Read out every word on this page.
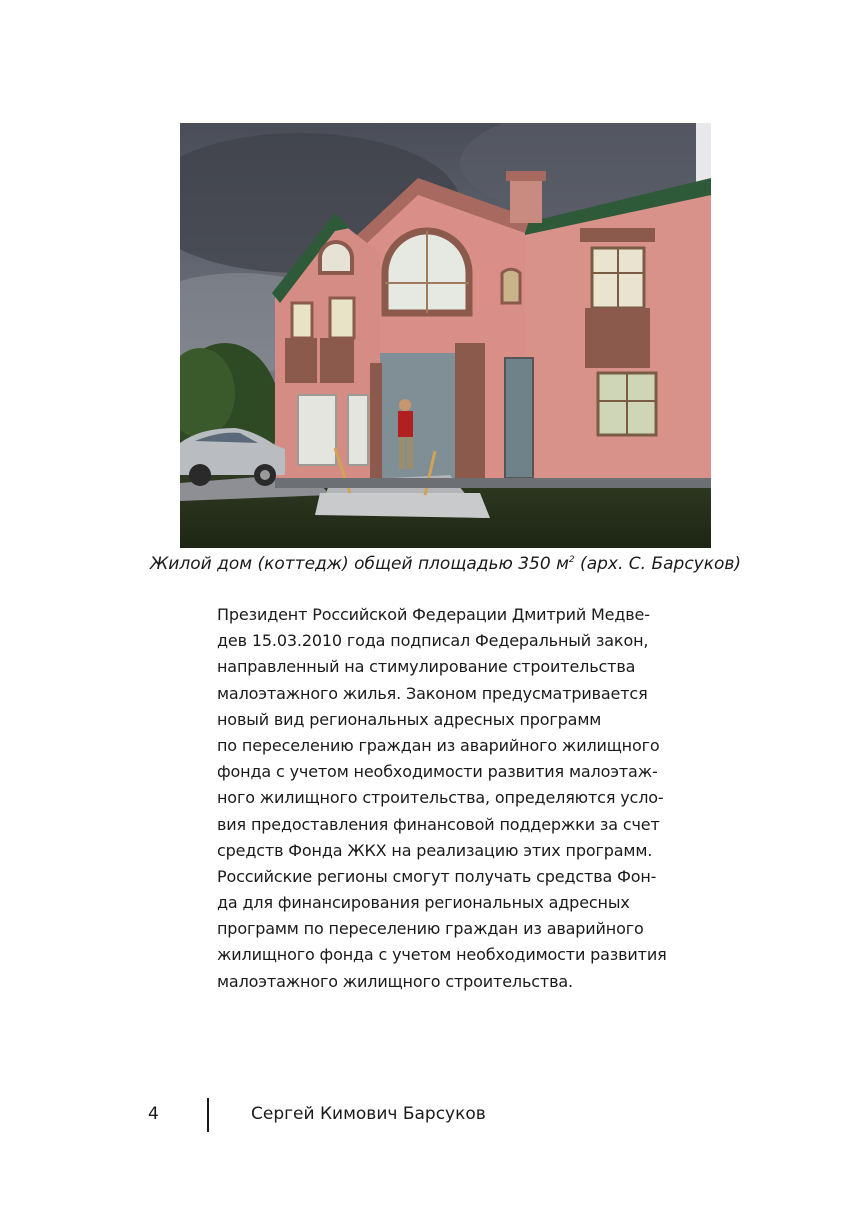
Жилой дом (коттедж) общей площадью 350 $м^2$ (арх. С. Барсуков)
Президент Российской Федерации Дмитрий Медве-
дев 15.03.2010 года подписал Федеральный закон,
направленный на стимулирование строительства
малоэтажного жилья. Законом предусматривается
новый вид региональных адресных программ
по переселению граждан из аварийного жилищного
фонда с учетом необходимости развития малоэтаж-
ного жилищного строительства, определяются усло-
вия предоставления финансовой поддержки за счет
средств Фонда ЖКХ на реализацию этих программ.
Российские регионы смогут получать средства Фон-
да для финансирования региональных адресных
программ по переселению граждан из аварийного
жилищного фонда с учетом необходимости развития
малоэтажного жилищного строительства.
4	Сергей Кимович Барсуков
